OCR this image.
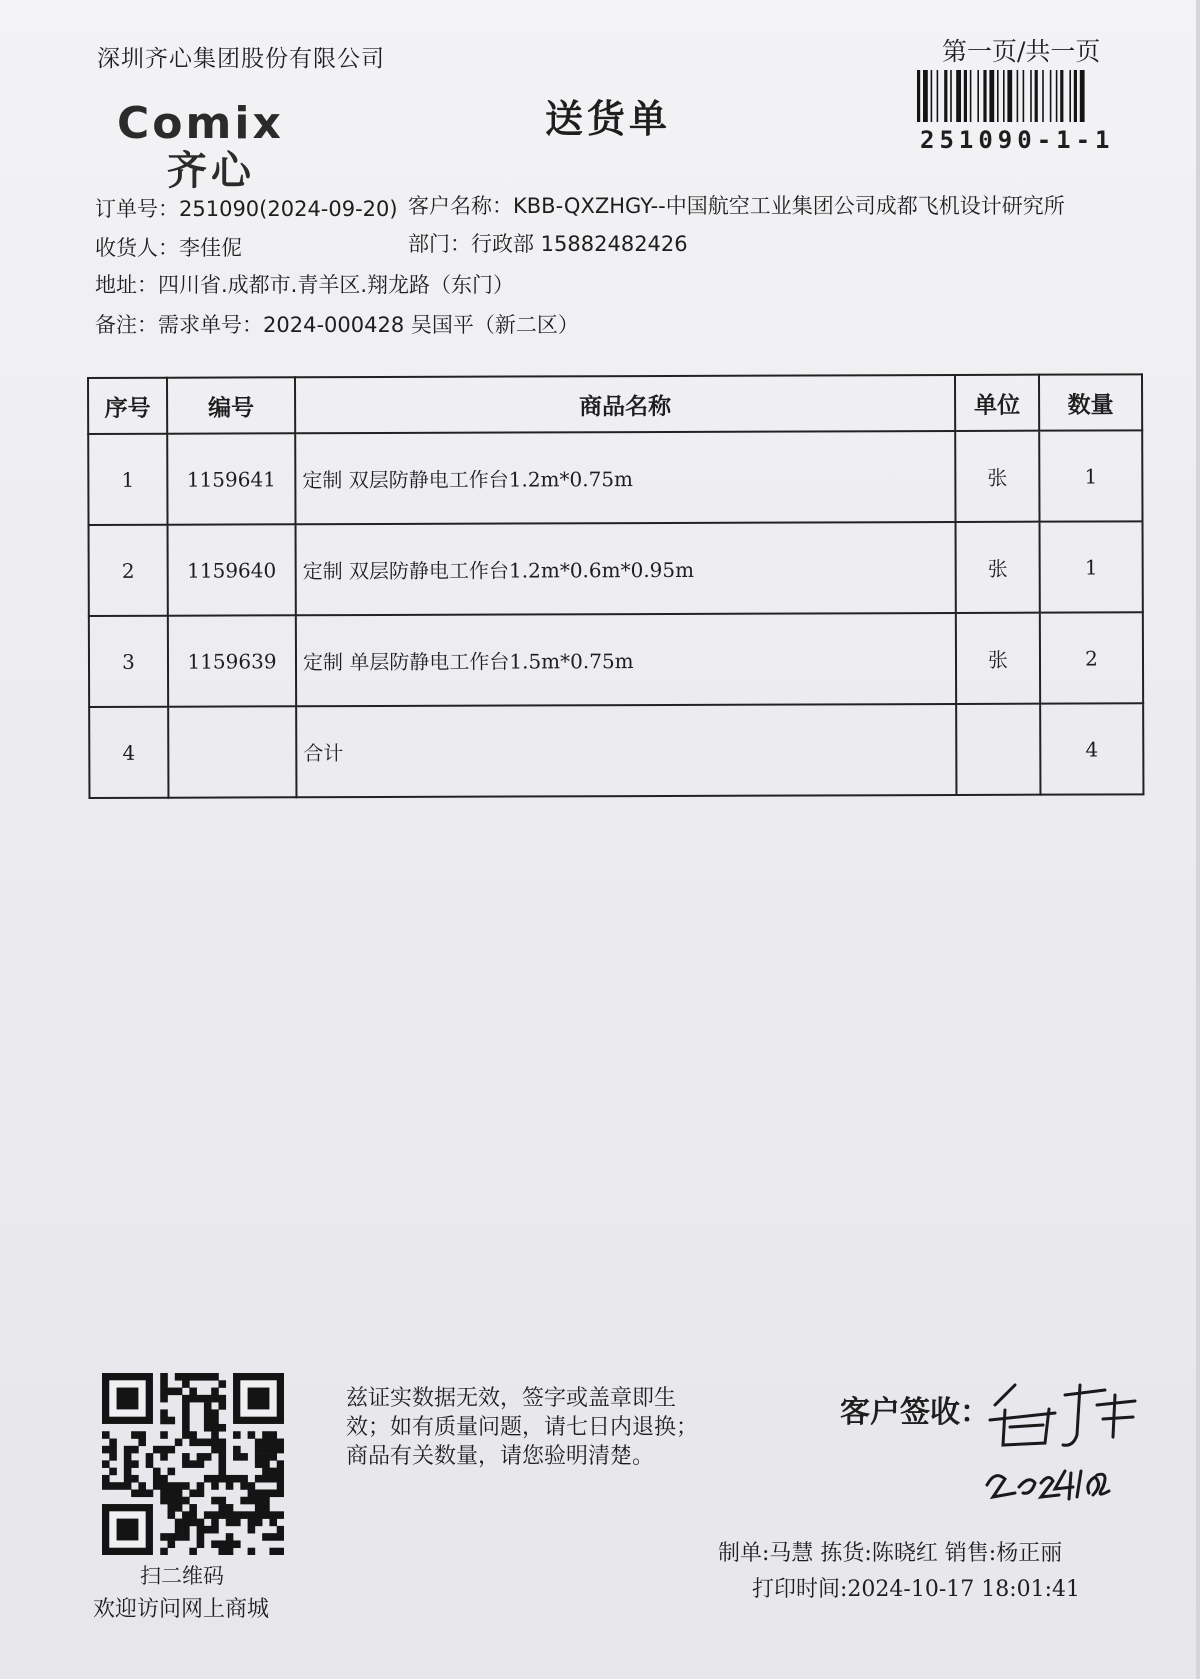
深圳齐心集团股份有限公司
Comix
齐心
送货单
第一页/共一页
251090-1-1
订单号：251090(2024-09-20) 客户名称：KBB-QXZHGY--中国航空工业集团公司成都飞机设计研究所
收货人：李佳伲	部门：行政部 15882482426
地址：四川省.成都市.青羊区.翔龙路（东门）
备注：需求单号：2024-000428 吴国平（新二区）
序号	编号	商品名称	单位	数量
1	1159641	定制 双层防静电工作台1.2m*0.75m	张	1
2	1159640	定制 双层防静电工作台1.2m*0.6m*0.95m	张	1
3	1159639	定制 单层防静电工作台1.5m*0.75m	张	2
4		合计		4
扫二维码
欢迎访问网上商城
兹证实数据无效，签字或盖章即生
效；如有质量问题，请七日内退换；
商品有关数量，请您验明清楚。
客户签收：
制单:马慧 拣货:陈晓红 销售:杨正丽
打印时间:2024-10-17 18:01:41
